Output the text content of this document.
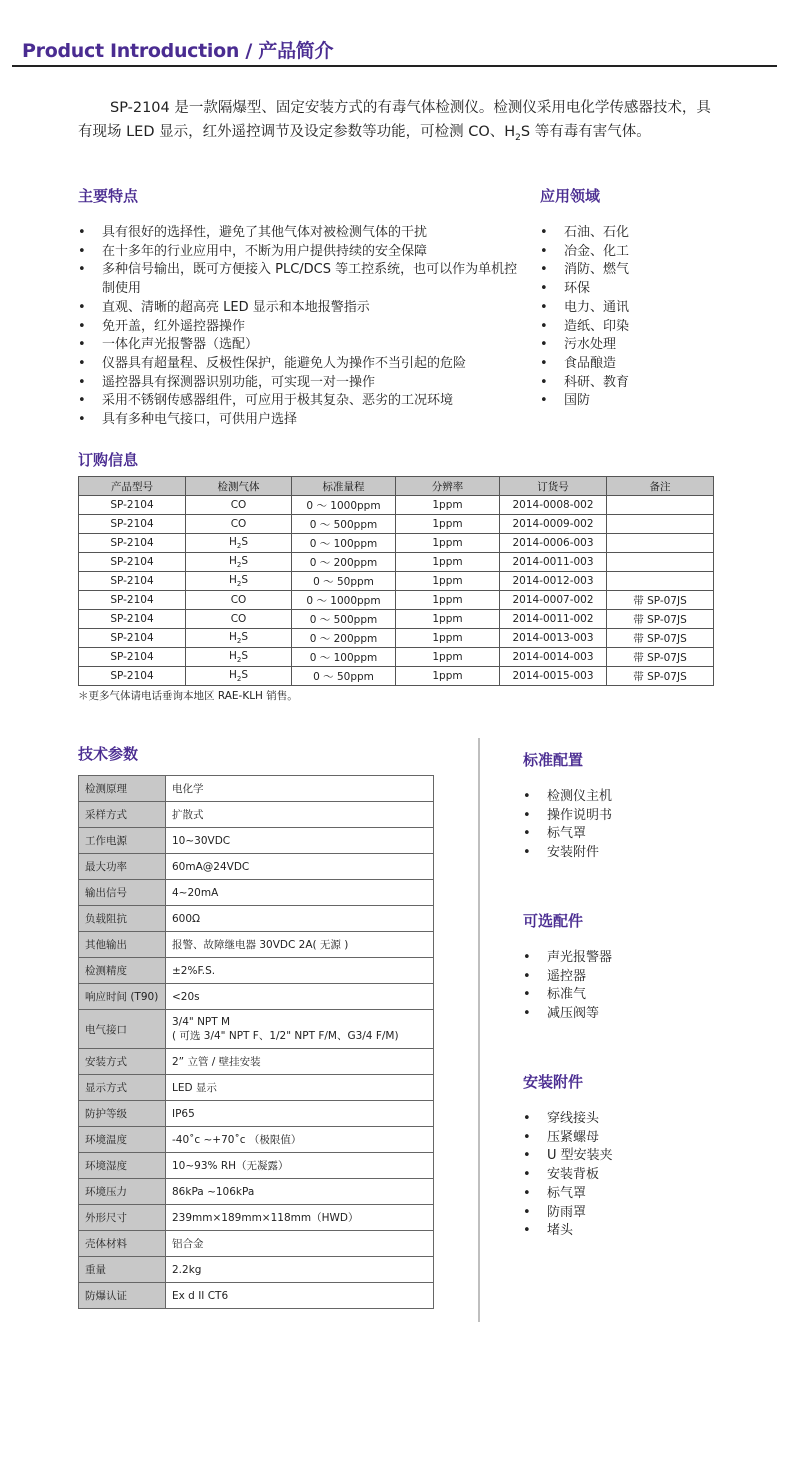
Product Introduction / 产品简介
SP-2104 是一款隔爆型、固定安装方式的有毒气体检测仪。检测仪采用电化学传感器技术，具有现场 LED 显示，红外遥控调节及设定参数等功能，可检测 CO、$H_2S$ 等有毒有害气体。
主要特点
• 具有很好的选择性，避免了其他气体对被检测气体的干扰
• 在十多年的行业应用中，不断为用户提供持续的安全保障
• 多种信号输出，既可方便接入 PLC/DCS 等工控系统，也可以作为单机控制使用
• 直观、清晰的超高亮 LED 显示和本地报警指示
• 免开盖，红外遥控器操作
• 一体化声光报警器（选配）
• 仪器具有超量程、反极性保护，能避免人为操作不当引起的危险
• 遥控器具有探测器识别功能，可实现一对一操作
• 采用不锈钢传感器组件，可应用于极其复杂、恶劣的工况环境
• 具有多种电气接口，可供用户选择
应用领域
• 石油、石化
• 冶金、化工
• 消防、燃气
• 环保
• 电力、通讯
• 造纸、印染
• 污水处理
• 食品酿造
• 科研、教育
• 国防
订购信息
产品型号	检测气体	标准量程	分辨率	订货号	备注
SP-2104	CO	0 ～ 1000ppm	1ppm	2014-0008-002	
SP-2104	CO	0 ～ 500ppm	1ppm	2014-0009-002	
SP-2104	$H_2S$	0 ～ 100ppm	1ppm	2014-0006-003	
SP-2104	$H_2S$	0 ～ 200ppm	1ppm	2014-0011-003	
SP-2104	$H_2S$	0 ～ 50ppm	1ppm	2014-0012-003	
SP-2104	CO	0 ～ 1000ppm	1ppm	2014-0007-002	带 SP-07JS
SP-2104	CO	0 ～ 500ppm	1ppm	2014-0011-002	带 SP-07JS
SP-2104	$H_2S$	0 ～ 200ppm	1ppm	2014-0013-003	带 SP-07JS
SP-2104	$H_2S$	0 ～ 100ppm	1ppm	2014-0014-003	带 SP-07JS
SP-2104	$H_2S$	0 ～ 50ppm	1ppm	2014-0015-003	带 SP-07JS
＊更多气体请电话垂询本地区 RAE-KLH 销售。
技术参数
检测原理	电化学

采样方式	扩散式

工作电源	10~30VDC

最大功率	60mA@24VDC

输出信号	4~20mA

负载阻抗	600Ω

其他输出	报警、故障继电器 30VDC 2A( 无源 )

检测精度	±2%F.S.

响应时间 (T90)	<20s

电气接口	3/4" NPT M
( 可选 3/4" NPT F、1/2" NPT F/M、G3/4 F/M)

安装方式	2” 立管 / 壁挂安装

显示方式	LED 显示

防护等级	IP65

环境温度	-40˚c ~+70˚c （极限值）

环境湿度	10~93% RH（无凝露）

环境压力	86kPa ~106kPa

外形尺寸	239mm×189mm×118mm（HWD）

壳体材料	铝合金

重量	2.2kg

防爆认证	Ex d II CT6
标准配置
• 检测仪主机
• 操作说明书
• 标气罩
• 安装附件
可选配件
• 声光报警器
• 遥控器
• 标准气
• 减压阀等
安装附件
• 穿线接头
• 压紧螺母
• U 型安装夹
• 安装背板
• 标气罩
• 防雨罩
• 堵头
